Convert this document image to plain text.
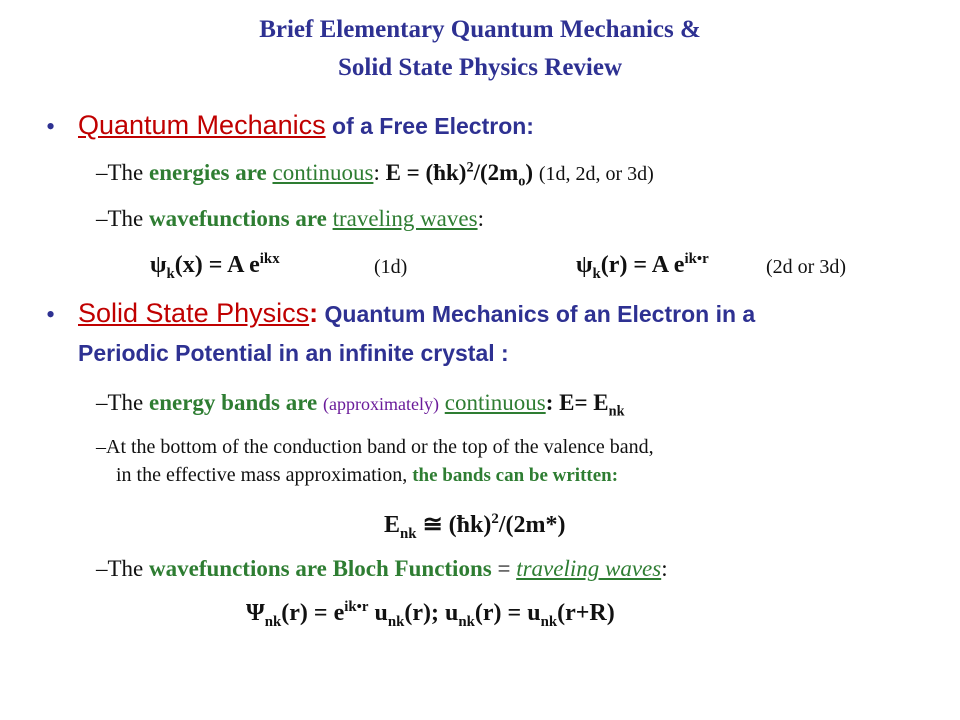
Brief Elementary Quantum Mechanics &
Solid State Physics Review
• Quantum Mechanics of a Free Electron:
–The energies are continuous: $E = (ħk)^2/(2m_o)$ (1d, 2d, or 3d)
–The wavefunctions are traveling waves:
$\psi_k(x) = A$ $e^{ikx}$	(1d)	$\psi_k(r) = A$ $e^{ik•r}$	(2d or 3d)
• Solid State Physics: Quantum Mechanics of an Electron in a
Periodic Potential in an infinite crystal :
–The energy bands are (approximately) continuous: $E= E_{nk}$
–At the bottom of the conduction band or the top of the valence band,
in the effective mass approximation, the bands can be written:
$E_{nk}$ ≅ (ħk)$^2$/(2m*)
–The wavefunctions are Bloch Functions = traveling waves:
$\Psi_{nk}(r) = e^{ik•r}$ $u_{nk}(r)$; $u_{nk}(r) = u_{nk}(r+R)$
